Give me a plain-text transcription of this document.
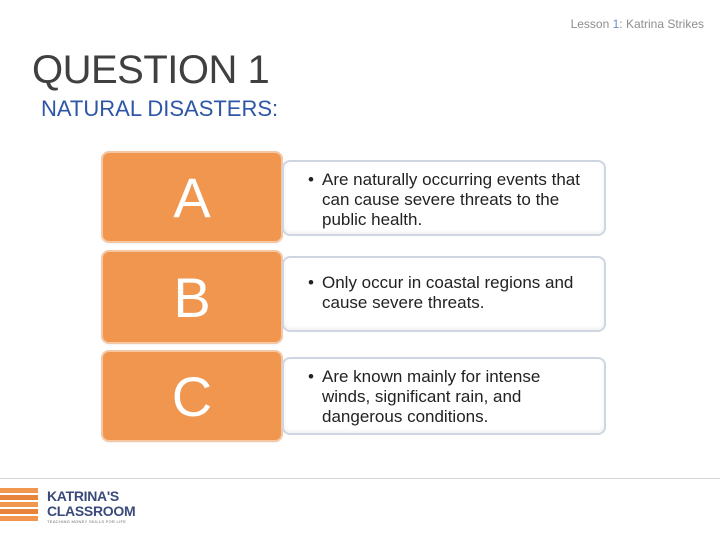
Lesson 1: Katrina Strikes
QUESTION 1
NATURAL DISASTERS:
A	• Are naturally occurring events that can cause severe threats to the public health.
B	• Only occur in coastal regions and cause severe threats.
C	• Are known mainly for intense winds, significant rain, and dangerous conditions.
KATRINA'S
CLASSROOM
TEACHING MONEY SKILLS FOR LIFE
